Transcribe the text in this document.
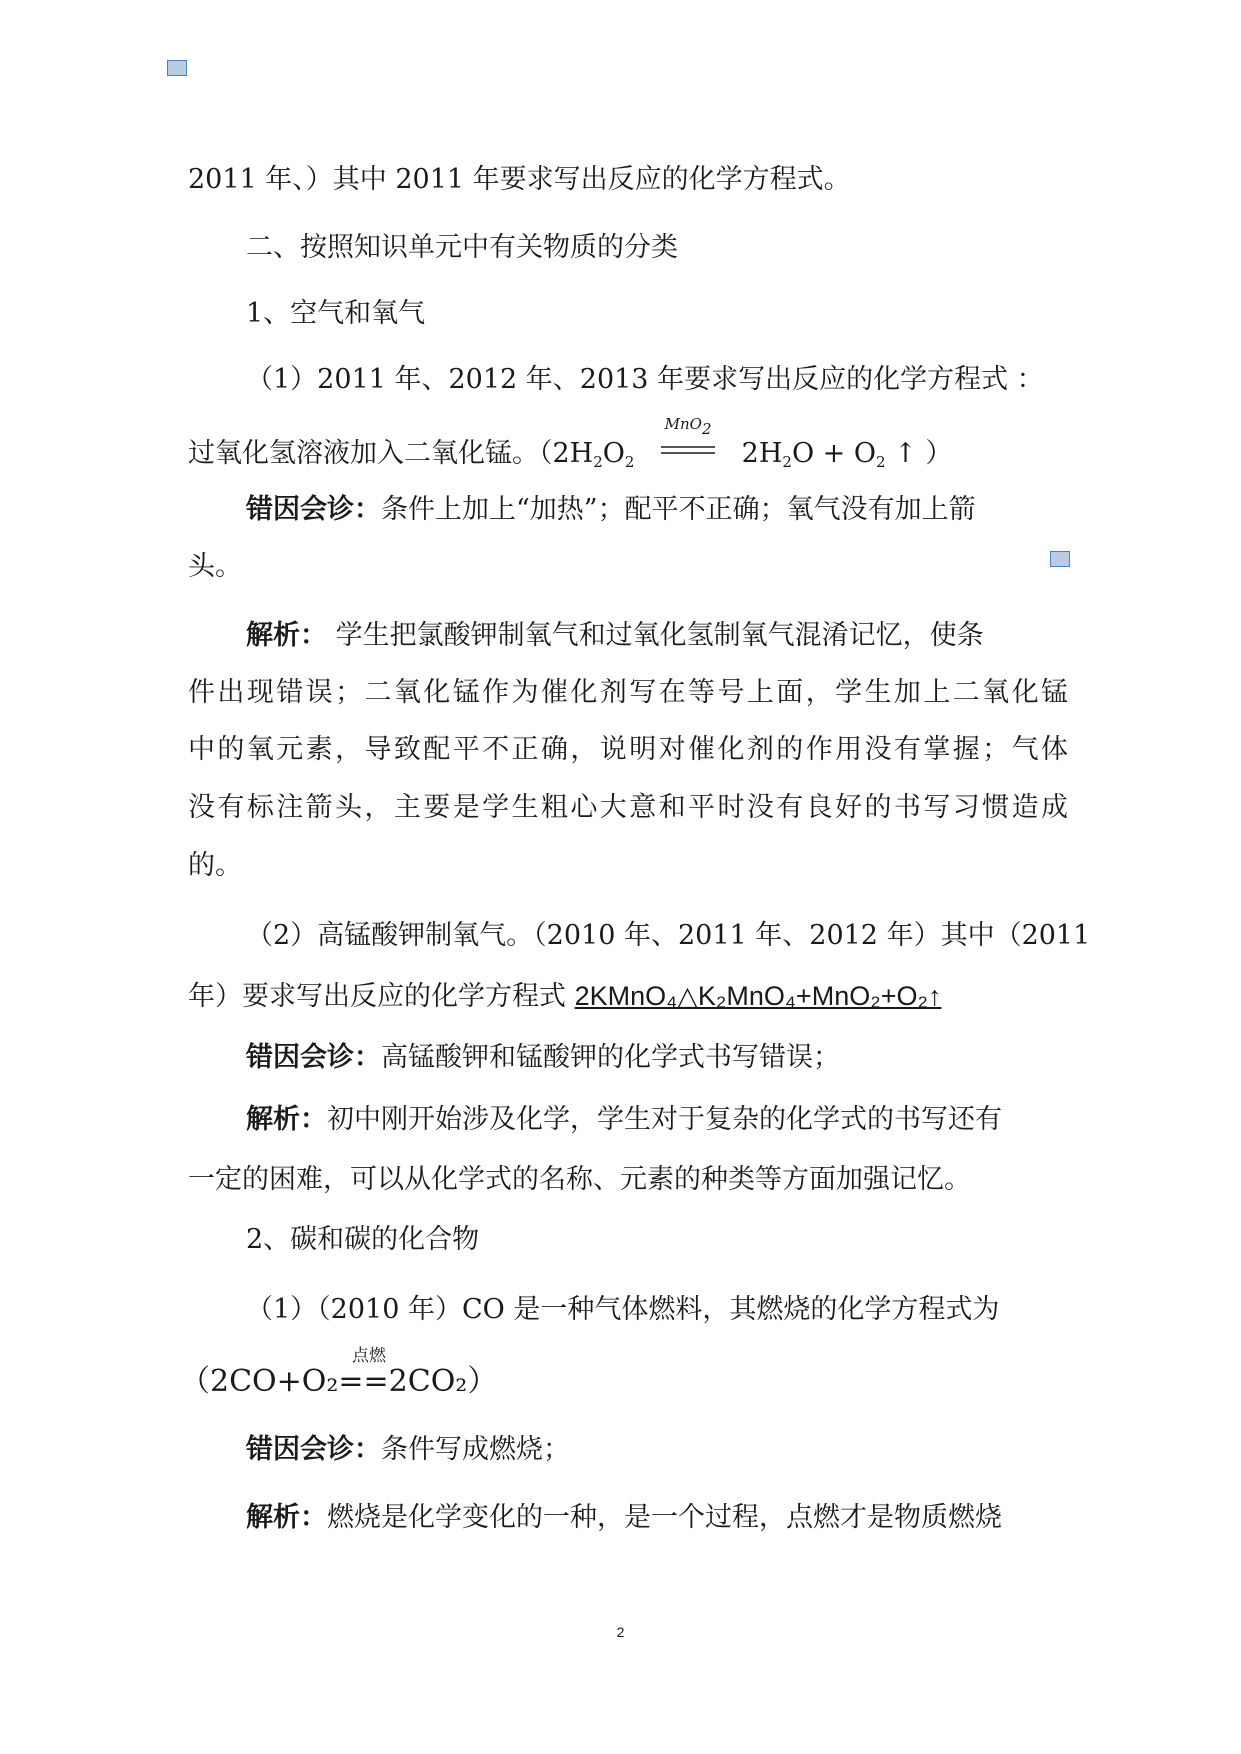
2011 年、）其中 2011 年要求写出反应的化学方程式。
二、按照知识单元中有关物质的分类
1、空气和氧气
（1）2011 年、2012 年、2013 年要求写出反应的化学方程式 ：
过氧化氢溶液加入二氧化锰。（$2H_2O_2$
MnO$_2$
$2H_2O + O_2$ ↑ ）
错因会诊：条件上加上“加热”；配平不正确；氧气没有加上箭
头。
解析： 学生把氯酸钾制氧气和过氧化氢制氧气混淆记忆，使条
件出现错误；二氧化锰作为催化剂写在等号上面，学生加上二氧化锰
中的氧元素，导致配平不正确，说明对催化剂的作用没有掌握；气体
没有标注箭头，主要是学生粗心大意和平时没有良好的书写习惯造成
的。
（2）高锰酸钾制氧气。（2010 年、2011 年、2012 年）其中（2011
年）要求写出反应的化学方程式 2KMnO₄△K₂MnO₄+MnO₂+O₂↑
错因会诊：高锰酸钾和锰酸钾的化学式书写错误；
解析：初中刚开始涉及化学，学生对于复杂的化学式的书写还有
一定的困难，可以从化学式的名称、元素的种类等方面加强记忆。
2、碳和碳的化合物
（1）（2010 年）CO 是一种气体燃料，其燃烧的化学方程式为
点燃
（2CO+O₂==2CO₂）
错因会诊：条件写成燃烧；
解析：燃烧是化学变化的一种，是一个过程，点燃才是物质燃烧
2
